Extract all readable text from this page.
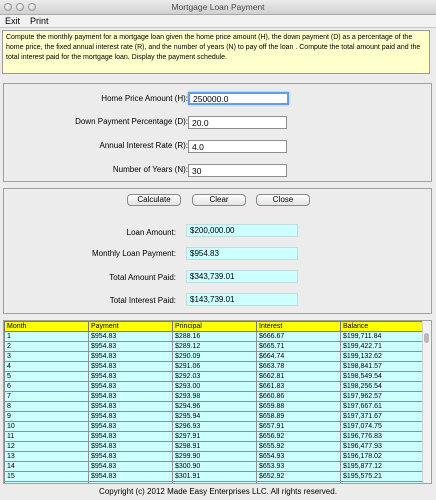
Mortgage Loan Payment
Exit Print
Compute the monthly payment for a mortgage loan given the home price amount (H), the down payment (D) as a percentage of the home price, the fixed annual interest rate (R), and the number of years (N) to pay off the loan . Compute the total amount paid and the total interest paid for the mortgage loan. Display the payment schedule.
Home Price Amount (H):
250000.0
Down Payment Percentage (D):
20.0
Annual Interest Rate (R):
4.0
Number of Years (N):
30
Calculate	Clear	Close
Loan Amount:	$200,000.00
Monthly Loan Payment:	$954.83
Total Amount Paid:	$343,739.01
Total Interest Paid:	$143,739.01
Month	Payment	Principal	Interest	Balance
1	$954.83	$288.16	$666.67	$199,711.84
2	$954.83	$289.12	$665.71	$199,422.71
3	$954.83	$290.09	$664.74	$199,132.62
4	$954.83	$291.06	$663.78	$198,841.57
5	$954.83	$292.03	$662.81	$198,549.54
6	$954.83	$293.00	$661.83	$198,256.54
7	$954.83	$293.98	$660.86	$197,962.57
8	$954.83	$294.96	$659.88	$197,667.61
9	$954.83	$295.94	$658.89	$197,371.67
10	$954.83	$296.93	$657.91	$197,074.75
11	$954.83	$297.91	$656.92	$196,776.83
12	$954.83	$298.91	$655.92	$196,477.93
13	$954.83	$299.90	$654.93	$196,178.02
14	$954.83	$300.90	$653.93	$195,877.12
15	$954.83	$301.91	$652.92	$195,575.21

Copyright (c) 2012 Made Easy Enterprises LLC. All rights reserved.
